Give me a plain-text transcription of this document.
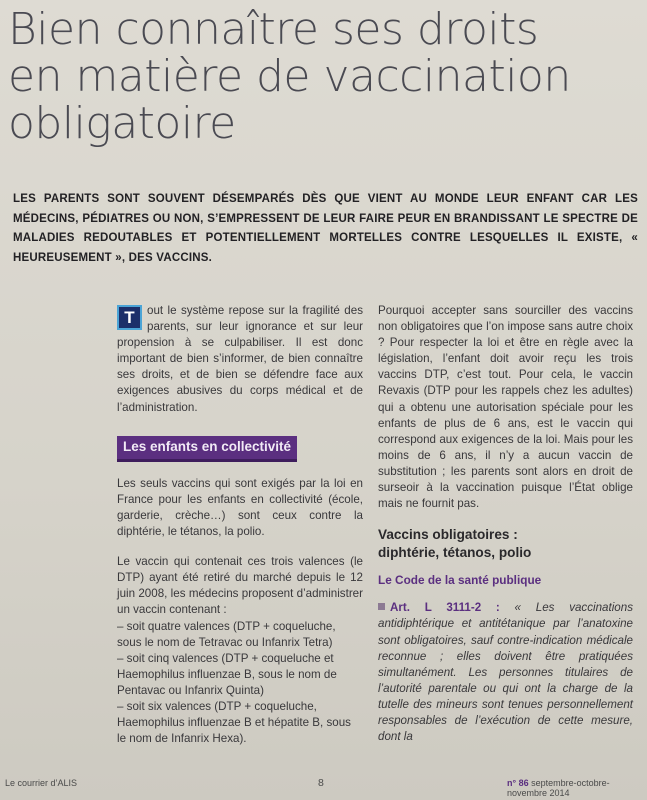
Bien connaître ses droits
en matière de vaccination
obligatoire
LES PARENTS SONT SOUVENT DÉSEMPARÉS DÈS QUE VIENT AU MONDE LEUR ENFANT CAR LES MÉDECINS, PÉDIATRES OU NON, S’EMPRESSENT DE LEUR FAIRE PEUR EN BRANDISSANT LE SPECTRE DE MALADIES REDOUTABLES ET POTENTIELLEMENT MORTELLES CONTRE LESQUELLES IL EXISTE, « HEUREUSEMENT », DES VACCINS.

T	out le système repose sur la fragilité des parents, sur leur ignorance et sur leur propension à se culpabiliser. Il est donc important de bien s’informer, de bien connaître ses droits, et de bien se défendre face aux exigences abusives du corps médical et de l’administration.

Les enfants en collectivité

Les seuls vaccins qui sont exigés par la loi en France pour les enfants en collectivité (école, garderie, crèche…) sont ceux contre la diphtérie, le tétanos, la polio.

Le vaccin qui contenait ces trois valences (le DTP) ayant été retiré du marché depuis le 12 juin 2008, les médecins proposent d’administrer un vaccin contenant :

– soit quatre valences (DTP + coqueluche, sous le nom de Tetravac ou Infanrix Tetra)
– soit cinq valences (DTP + coqueluche et Haemophilus influenzae B, sous le nom de Pentavac ou Infanrix Quinta)
– soit six valences (DTP + coqueluche, Haemophilus influenzae B et hépatite B, sous le nom de Infanrix Hexa).

Pourquoi accepter sans sourciller des vaccins non obligatoires que l’on impose sans autre choix ? Pour respecter la loi et être en règle avec la législation, l’enfant doit avoir reçu les trois vaccins DTP, c’est tout. Pour cela, le vaccin Revaxis (DTP pour les rappels chez les adultes) qui a obtenu une autorisation spéciale pour les enfants de plus de 6 ans, est le vaccin qui correspond aux exigences de la loi. Mais pour les moins de 6 ans, il n’y a aucun vaccin de substitution ; les parents sont alors en droit de surseoir à la vaccination puisque l’État oblige mais ne fournit pas.

Vaccins obligatoires :
diphtérie, tétanos, polio
Le Code de la santé publique

Art. L 3111-2 : « Les vaccinations antidiphtérique et antitétanique par l’anatoxine sont obligatoires, sauf contre-indication médicale reconnue ; elles doivent être pratiquées simultanément. Les personnes titulaires de l’autorité parentale ou qui ont la charge de la tutelle des mineurs sont tenues personnellement responsables de l’exécution de cette mesure, dont la

Le courrier d’ALIS	8	n° 86 septembre-octobre-novembre 2014
